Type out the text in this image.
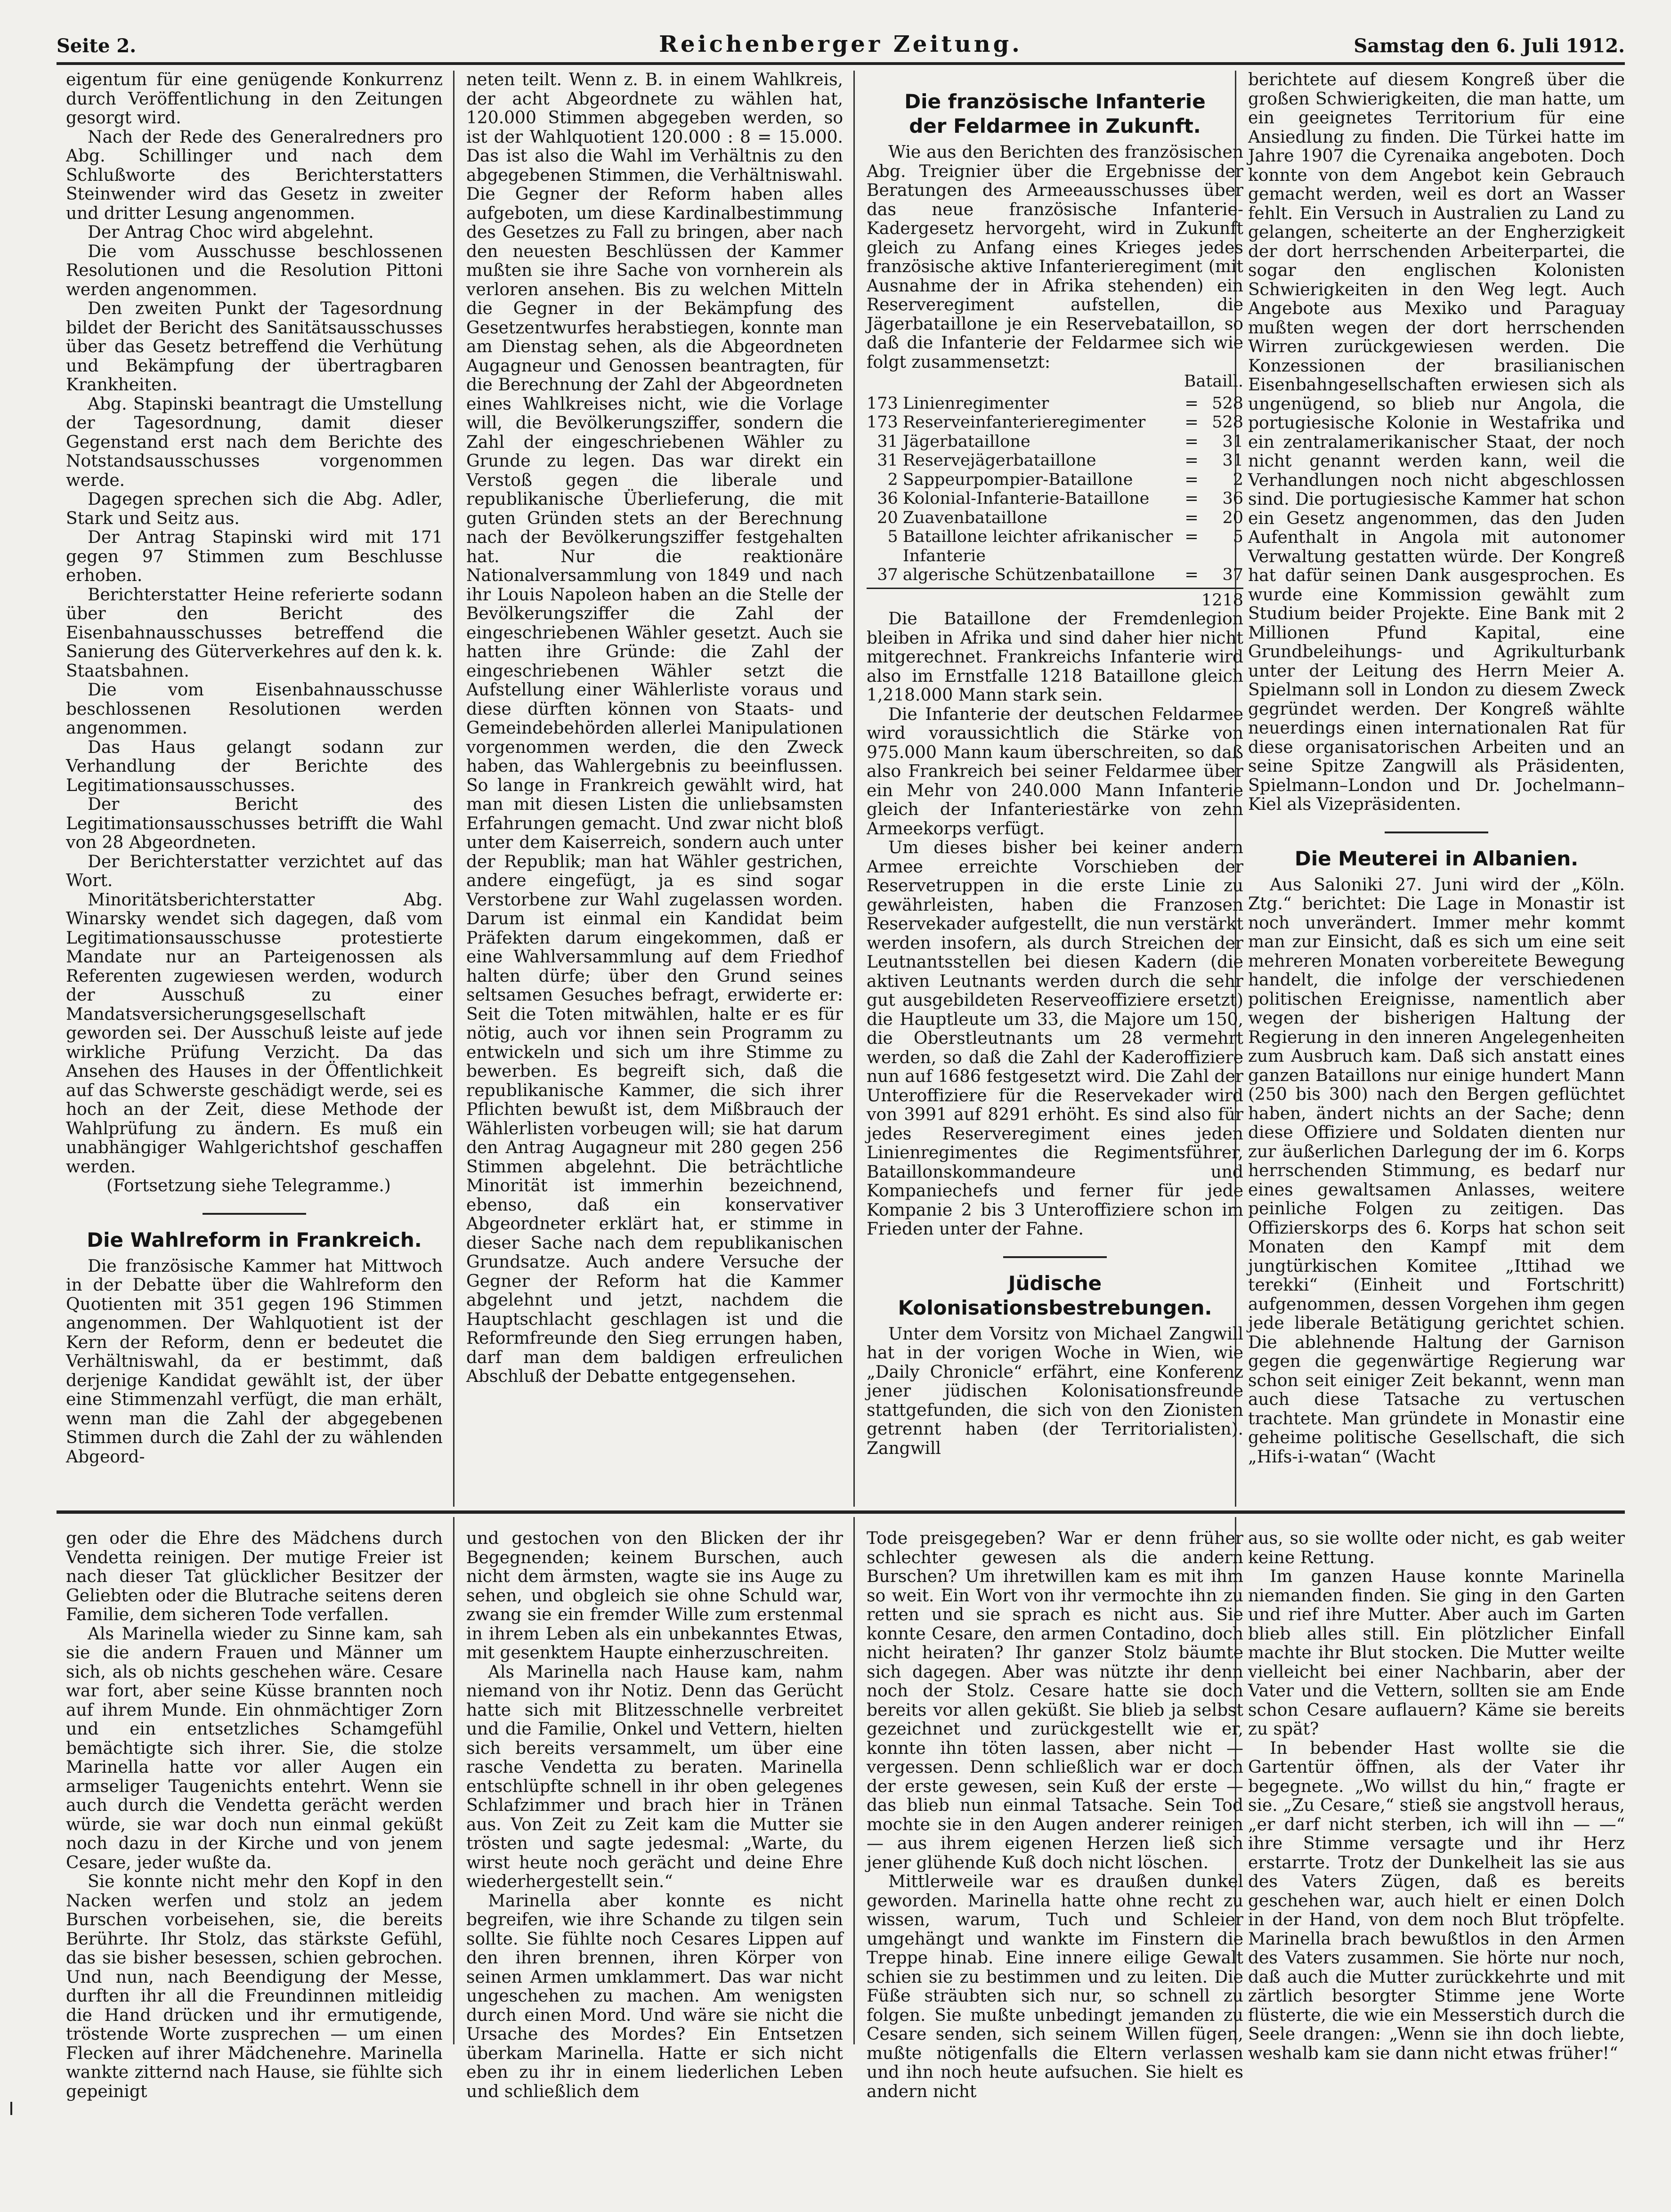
Seite 2.	Reichenberger Zeitung.	Samstag den 6. Juli 1912.

eigentum für eine genügende Konkurrenz durch Veröffentlichung in den Zeitungen gesorgt wird.

Nach der Rede des Generalredners pro Abg. Schillinger und nach dem Schlußworte des Berichterstatters Steinwender wird das Gesetz in zweiter und dritter Lesung angenommen.

Der Antrag Choc wird abgelehnt.

Die vom Ausschusse beschlossenen Resolutionen und die Resolution Pittoni werden angenommen.

Den zweiten Punkt der Tagesordnung bildet der Bericht des Sanitätsausschusses über das Gesetz betreffend die Verhütung und Bekämpfung der übertragbaren Krankheiten.

Abg. Stapinski beantragt die Umstellung der Tagesordnung, damit dieser Gegenstand erst nach dem Berichte des Notstandsausschusses vorgenommen werde.

Dagegen sprechen sich die Abg. Adler, Stark und Seitz aus.

Der Antrag Stapinski wird mit 171 gegen 97 Stimmen zum Beschlusse erhoben.

Berichterstatter Heine referierte sodann über den Bericht des Eisenbahnausschusses betreffend die Sanierung des Güterverkehres auf den k. k. Staatsbahnen.

Die vom Eisenbahnausschusse beschlossenen Resolutionen werden angenommen.

Das Haus gelangt sodann zur Verhandlung der Berichte des Legitimationsausschusses.

Der Bericht des Legitimationsausschusses betrifft die Wahl von 28 Abgeordneten.

Der Berichterstatter verzichtet auf das Wort.

Minoritätsberichterstatter Abg. Winarsky wendet sich dagegen, daß vom Legitimationsausschusse protestierte Mandate nur an Parteigenossen als Referenten zugewiesen werden, wodurch der Ausschuß zu einer Mandatsversicherungsgesellschaft geworden sei. Der Ausschuß leiste auf jede wirkliche Prüfung Verzicht. Da das Ansehen des Hauses in der Öffentlichkeit auf das Schwerste geschädigt werde, sei es hoch an der Zeit, diese Methode der Wahlprüfung zu ändern. Es muß ein unabhängiger Wahlgerichtshof geschaffen werden.

(Fortsetzung siehe Telegramme.)

Die Wahlreform in Frankreich.

Die französische Kammer hat Mittwoch in der Debatte über die Wahlreform den Quotienten mit 351 gegen 196 Stimmen angenommen. Der Wahlquotient ist der Kern der Reform, denn er bedeutet die Verhältniswahl, da er bestimmt, daß derjenige Kandidat gewählt ist, der über eine Stimmenzahl verfügt, die man erhält, wenn man die Zahl der abgegebenen Stimmen durch die Zahl der zu wählenden Abgeord-

neten teilt. Wenn z. B. in einem Wahlkreis, der acht Abgeordnete zu wählen hat, 120.000 Stimmen abgegeben werden, so ist der Wahlquotient 120.000 : 8 = 15.000. Das ist also die Wahl im Verhältnis zu den abgegebenen Stimmen, die Verhältniswahl. Die Gegner der Reform haben alles aufgeboten, um diese Kardinalbestimmung des Gesetzes zu Fall zu bringen, aber nach den neuesten Beschlüssen der Kammer mußten sie ihre Sache von vornherein als verloren ansehen. Bis zu welchen Mitteln die Gegner in der Bekämpfung des Gesetzentwurfes herabstiegen, konnte man am Dienstag sehen, als die Abgeordneten Augagneur und Genossen beantragten, für die Berechnung der Zahl der Abgeordneten eines Wahlkreises nicht, wie die Vorlage will, die Bevölkerungsziffer, sondern die Zahl der eingeschriebenen Wähler zu Grunde zu legen. Das war direkt ein Verstoß gegen die liberale und republikanische Überlieferung, die mit guten Gründen stets an der Berechnung nach der Bevölkerungsziffer festgehalten hat. Nur die reaktionäre Nationalversammlung von 1849 und nach ihr Louis Napoleon haben an die Stelle der Bevölkerungsziffer die Zahl der eingeschriebenen Wähler gesetzt. Auch sie hatten ihre Gründe: die Zahl der eingeschriebenen Wähler setzt die Aufstellung einer Wählerliste voraus und diese dürften können von Staats- und Gemeindebehörden allerlei Manipulationen vorgenommen werden, die den Zweck haben, das Wahlergebnis zu beeinflussen. So lange in Frankreich gewählt wird, hat man mit diesen Listen die unliebsamsten Erfahrungen gemacht. Und zwar nicht bloß unter dem Kaiserreich, sondern auch unter der Republik; man hat Wähler gestrichen, andere eingefügt, ja es sind sogar Verstorbene zur Wahl zugelassen worden. Darum ist einmal ein Kandidat beim Präfekten darum eingekommen, daß er eine Wahlversammlung auf dem Friedhof halten dürfe; über den Grund seines seltsamen Gesuches befragt, erwiderte er: Seit die Toten mitwählen, halte er es für nötig, auch vor ihnen sein Programm zu entwickeln und sich um ihre Stimme zu bewerben. Es begreift sich, daß die republikanische Kammer, die sich ihrer Pflichten bewußt ist, dem Mißbrauch der Wählerlisten vorbeugen will; sie hat darum den Antrag Augagneur mit 280 gegen 256 Stimmen abgelehnt. Die beträchtliche Minorität ist immerhin bezeichnend, ebenso, daß ein konservativer Abgeordneter erklärt hat, er stimme in dieser Sache nach dem republikanischen Grundsatze. Auch andere Versuche der Gegner der Reform hat die Kammer abgelehnt und jetzt, nachdem die Hauptschlacht geschlagen ist und die Reformfreunde den Sieg errungen haben, darf man dem baldigen erfreulichen Abschluß der Debatte entgegensehen.

Die französische Infanterie
der Feldarmee in Zukunft.

Wie aus den Berichten des französischen Abg. Treignier über die Ergebnisse der Beratungen des Armeeausschusses über das neue französische Infanterie-Kadergesetz hervorgeht, wird in Zukunft gleich zu Anfang eines Krieges jedes französische aktive Infanterieregiment (mit Ausnahme der in Afrika stehenden) ein Reserveregiment aufstellen, die Jägerbataillone je ein Reservebataillon, so daß die Infanterie der Feldarmee sich wie folgt zusammensetzt:

Bataill.
173	Linienregimenter	=	528
173	Reserveinfanterieregimenter	=	528
31	Jägerbataillone	=	31
31	Reservejägerbataillone	=	31
2	Sappeurpompier-Bataillone	=	2
36	Kolonial-Infanterie-Bataillone	=	36
20	Zuavenbataillone	=	20
5	Bataillone leichter afrikanischer Infanterie	=	5
37	algerische Schützenbataillone	=	37
1218

Die Bataillone der Fremdenlegion bleiben in Afrika und sind daher hier nicht mitgerechnet. Frankreichs Infanterie wird also im Ernstfalle 1218 Bataillone gleich 1,218.000 Mann stark sein.

Die Infanterie der deutschen Feldarmee wird voraussichtlich die Stärke von 975.000 Mann kaum überschreiten, so daß also Frankreich bei seiner Feldarmee über ein Mehr von 240.000 Mann Infanterie gleich der Infanteriestärke von zehn Armeekorps verfügt.

Um dieses bisher bei keiner andern Armee erreichte Vorschieben der Reservetruppen in die erste Linie zu gewährleisten, haben die Franzosen Reservekader aufgestellt, die nun verstärkt werden insofern, als durch Streichen der Leutnantsstellen bei diesen Kadern (die aktiven Leutnants werden durch die sehr gut ausgebildeten Reserveoffiziere ersetzt) die Hauptleute um 33, die Majore um 150, die Oberstleutnants um 28 vermehrt werden, so daß die Zahl der Kaderoffiziere nun auf 1686 festgesetzt wird. Die Zahl der Unteroffiziere für die Reservekader wird von 3991 auf 8291 erhöht. Es sind also für jedes Reserveregiment eines jeden Linienregimentes die Regimentsführer, Bataillonskommandeure und Kompaniechefs und ferner für jede Kompanie 2 bis 3 Unteroffiziere schon im Frieden unter der Fahne.

Jüdische Kolonisationsbestrebungen.

Unter dem Vorsitz von Michael Zangwill hat in der vorigen Woche in Wien, wie „Daily Chronicle“ erfährt, eine Konferenz jener jüdischen Kolonisationsfreunde stattgefunden, die sich von den Zionisten getrennt haben (der Territorialisten). Zangwill

berichtete auf diesem Kongreß über die großen Schwierigkeiten, die man hatte, um ein geeignetes Territorium für eine Ansiedlung zu finden. Die Türkei hatte im Jahre 1907 die Cyrenaika angeboten. Doch konnte von dem Angebot kein Gebrauch gemacht werden, weil es dort an Wasser fehlt. Ein Versuch in Australien zu Land zu gelangen, scheiterte an der Engherzigkeit der dort herrschenden Arbeiterpartei, die sogar den englischen Kolonisten Schwierigkeiten in den Weg legt. Auch Angebote aus Mexiko und Paraguay mußten wegen der dort herrschenden Wirren zurückgewiesen werden. Die Konzessionen der brasilianischen Eisenbahngesellschaften erwiesen sich als ungenügend, so blieb nur Angola, die portugiesische Kolonie in Westafrika und ein zentralamerikanischer Staat, der noch nicht genannt werden kann, weil die Verhandlungen noch nicht abgeschlossen sind. Die portugiesische Kammer hat schon ein Gesetz angenommen, das den Juden Aufenthalt in Angola mit autonomer Verwaltung gestatten würde. Der Kongreß hat dafür seinen Dank ausgesprochen. Es wurde eine Kommission gewählt zum Studium beider Projekte. Eine Bank mit 2 Millionen Pfund Kapital, eine Grundbeleihungs- und Agrikulturbank unter der Leitung des Herrn Meier A. Spielmann soll in London zu diesem Zweck gegründet werden. Der Kongreß wählte neuerdings einen internationalen Rat für diese organisatorischen Arbeiten und an seine Spitze Zangwill als Präsidenten, Spielmann–London und Dr. Jochelmann–Kiel als Vizepräsidenten.

Die Meuterei in Albanien.

Aus Saloniki 27. Juni wird der „Köln. Ztg.“ berichtet: Die Lage in Monastir ist noch unverändert. Immer mehr kommt man zur Einsicht, daß es sich um eine seit mehreren Monaten vorbereitete Bewegung handelt, die infolge der verschiedenen politischen Ereignisse, namentlich aber wegen der bisherigen Haltung der Regierung in den inneren Angelegenheiten zum Ausbruch kam. Daß sich anstatt eines ganzen Bataillons nur einige hundert Mann (250 bis 300) nach den Bergen geflüchtet haben, ändert nichts an der Sache; denn diese Offiziere und Soldaten dienten nur zur äußerlichen Darlegung der im 6. Korps herrschenden Stimmung, es bedarf nur eines gewaltsamen Anlasses, weitere peinliche Folgen zu zeitigen. Das Offizierskorps des 6. Korps hat schon seit Monaten den Kampf mit dem jungtürkischen Komitee „Ittihad we terekki“ (Einheit und Fortschritt) aufgenommen, dessen Vorgehen ihm gegen jede liberale Betätigung gerichtet schien. Die ablehnende Haltung der Garnison gegen die gegenwärtige Regierung war schon seit einiger Zeit bekannt, wenn man auch diese Tatsache zu vertuschen trachtete. Man gründete in Monastir eine geheime politische Gesellschaft, die sich „Hifs-i-watan“ (Wacht

gen oder die Ehre des Mädchens durch Vendetta reinigen. Der mutige Freier ist nach dieser Tat glücklicher Besitzer der Geliebten oder die Blutrache seitens deren Familie, dem sicheren Tode verfallen.

Als Marinella wieder zu Sinne kam, sah sie die andern Frauen und Männer um sich, als ob nichts geschehen wäre. Cesare war fort, aber seine Küsse brannten noch auf ihrem Munde. Ein ohnmächtiger Zorn und ein entsetzliches Schamgefühl bemächtigte sich ihrer. Sie, die stolze Marinella hatte vor aller Augen ein armseliger Taugenichts entehrt. Wenn sie auch durch die Vendetta gerächt werden würde, sie war doch nun einmal geküßt noch dazu in der Kirche und von jenem Cesare, jeder wußte da.

Sie konnte nicht mehr den Kopf in den Nacken werfen und stolz an jedem Burschen vorbeisehen, sie, die bereits Berührte. Ihr Stolz, das stärkste Gefühl, das sie bisher besessen, schien gebrochen. Und nun, nach Beendigung der Messe, durften ihr all die Freundinnen mitleidig die Hand drücken und ihr ermutigende, tröstende Worte zusprechen — um einen Flecken auf ihrer Mädchenehre. Marinella wankte zitternd nach Hause, sie fühlte sich gepeinigt

und gestochen von den Blicken der ihr Begegnenden; keinem Burschen, auch nicht dem ärmsten, wagte sie ins Auge zu sehen, und obgleich sie ohne Schuld war, zwang sie ein fremder Wille zum erstenmal in ihrem Leben als ein unbekanntes Etwas, mit gesenktem Haupte einherzuschreiten.

Als Marinella nach Hause kam, nahm niemand von ihr Notiz. Denn das Gerücht hatte sich mit Blitzesschnelle verbreitet und die Familie, Onkel und Vettern, hielten sich bereits versammelt, um über eine rasche Vendetta zu beraten. Marinella entschlüpfte schnell in ihr oben gelegenes Schlafzimmer und brach hier in Tränen aus. Von Zeit zu Zeit kam die Mutter sie trösten und sagte jedesmal: „Warte, du wirst heute noch gerächt und deine Ehre wiederhergestellt sein.“

Marinella aber konnte es nicht begreifen, wie ihre Schande zu tilgen sein sollte. Sie fühlte noch Cesares Lippen auf den ihren brennen, ihren Körper von seinen Armen umklammert. Das war nicht ungeschehen zu machen. Am wenigsten durch einen Mord. Und wäre sie nicht die Ursache des Mordes? Ein Entsetzen überkam Marinella. Hatte er sich nicht eben zu ihr in einem liederlichen Leben und schließlich dem

Tode preisgegeben? War er denn früher schlechter gewesen als die andern Burschen? Um ihretwillen kam es mit ihm so weit. Ein Wort von ihr vermochte ihn zu retten und sie sprach es nicht aus. Sie konnte Cesare, den armen Contadino, doch nicht heiraten? Ihr ganzer Stolz bäumte sich dagegen. Aber was nützte ihr denn noch der Stolz. Cesare hatte sie doch bereits vor allen geküßt. Sie blieb ja selbst gezeichnet und zurückgestellt wie er, konnte ihn töten lassen, aber nicht — vergessen. Denn schließlich war er doch der erste gewesen, sein Kuß der erste — das blieb nun einmal Tatsache. Sein Tod mochte sie in den Augen anderer reinigen — aus ihrem eigenen Herzen ließ sich jener glühende Kuß doch nicht löschen.

Mittlerweile war es draußen dunkel geworden. Marinella hatte ohne recht zu wissen, warum, Tuch und Schleier umgehängt und wankte im Finstern die Treppe hinab. Eine innere eilige Gewalt schien sie zu bestimmen und zu leiten. Die Füße sträubten sich nur, so schnell zu folgen. Sie mußte unbedingt jemanden zu Cesare senden, sich seinem Willen fügen, mußte nötigenfalls die Eltern verlassen und ihn noch heute aufsuchen. Sie hielt es andern nicht

aus, so sie wollte oder nicht, es gab weiter keine Rettung.

Im ganzen Hause konnte Marinella niemanden finden. Sie ging in den Garten und rief ihre Mutter. Aber auch im Garten blieb alles still. Ein plötzlicher Einfall machte ihr Blut stocken. Die Mutter weilte vielleicht bei einer Nachbarin, aber der Vater und die Vettern, sollten sie am Ende schon Cesare auflauern? Käme sie bereits zu spät?

In bebender Hast wollte sie die Gartentür öffnen, als der Vater ihr begegnete. „Wo willst du hin,“ fragte er sie. „Zu Cesare,“ stieß sie angstvoll heraus, „er darf nicht sterben, ich will ihn — —“ ihre Stimme versagte und ihr Herz erstarrte. Trotz der Dunkelheit las sie aus des Vaters Zügen, daß es bereits geschehen war, auch hielt er einen Dolch in der Hand, von dem noch Blut tröpfelte. Marinella brach bewußtlos in den Armen des Vaters zusammen. Sie hörte nur noch, daß auch die Mutter zurückkehrte und mit zärtlich besorgter Stimme jene Worte flüsterte, die wie ein Messerstich durch die Seele drangen: „Wenn sie ihn doch liebte, weshalb kam sie dann nicht etwas früher!“
